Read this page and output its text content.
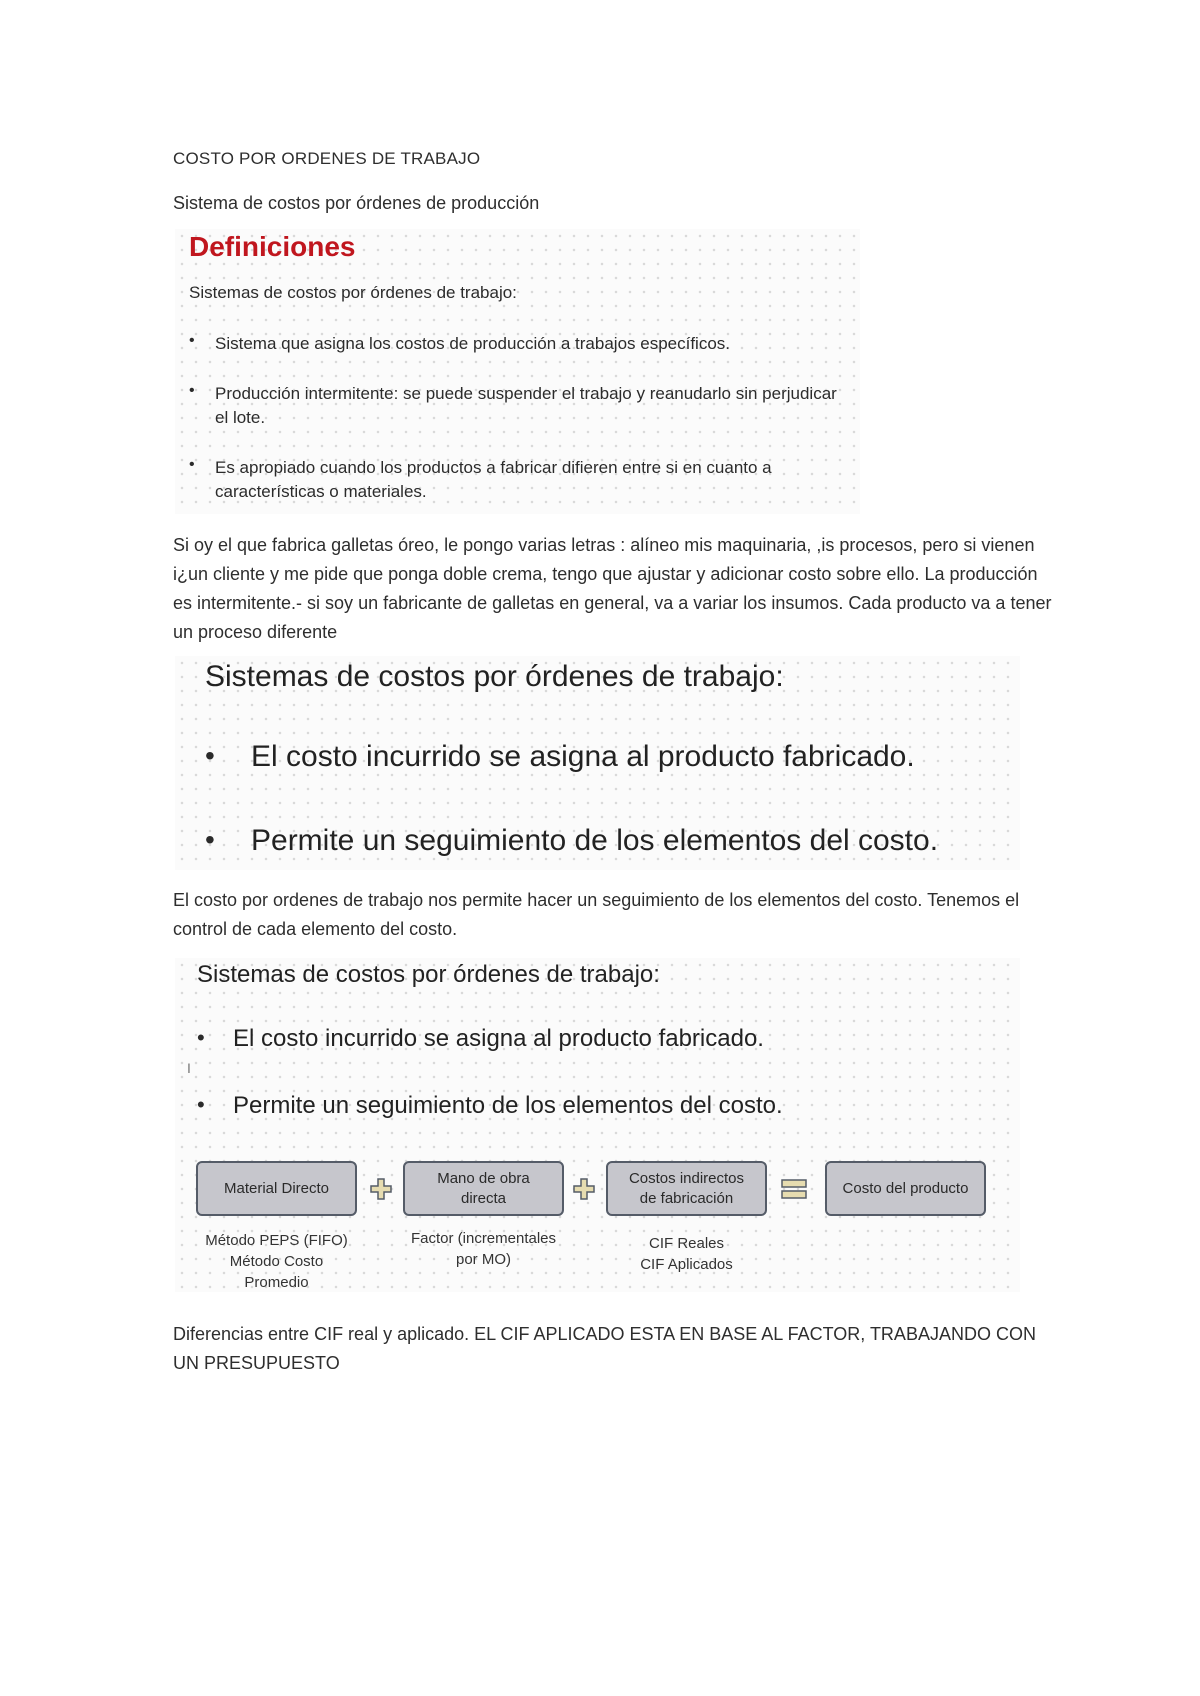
COSTO POR ORDENES DE TRABAJO
Sistema de costos por órdenes de producción
Definiciones
Sistemas de costos por órdenes de trabajo:
• Sistema que asigna los costos de producción a trabajos específicos.
• Producción intermitente: se puede suspender el trabajo y reanudarlo sin perjudicar el lote.
• Es apropiado cuando los productos a fabricar difieren entre si en cuanto a características o materiales.
Si oy el que fabrica galletas óreo, le pongo varias letras : alíneo mis maquinaria, ,is procesos, pero si vienen i¿un cliente y me pide que ponga doble crema, tengo que ajustar y adicionar costo sobre ello. La producción es intermitente.- si soy un fabricante de galletas en general, va a variar los insumos. Cada producto va a tener un proceso diferente
Sistemas de costos por órdenes de trabajo:
• El costo incurrido se asigna al producto fabricado.
• Permite un seguimiento de los elementos del costo.
El costo por ordenes de trabajo nos permite hacer un seguimiento de los elementos del costo. Tenemos el control de cada elemento del costo.
Sistemas de costos por órdenes de trabajo:
• El costo incurrido se asigna al producto fabricado.
I
• Permite un seguimiento de los elementos del costo.
Material Directo
Mano de obra directa
Costos indirectos de fabricación
Costo del producto
Método PEPS (FIFO) Método Costo Promedio
Factor (incrementales por MO)
CIF Reales CIF Aplicados
Diferencias entre CIF real y aplicado. EL CIF APLICADO ESTA EN BASE AL FACTOR, TRABAJANDO CON UN PRESUPUESTO
